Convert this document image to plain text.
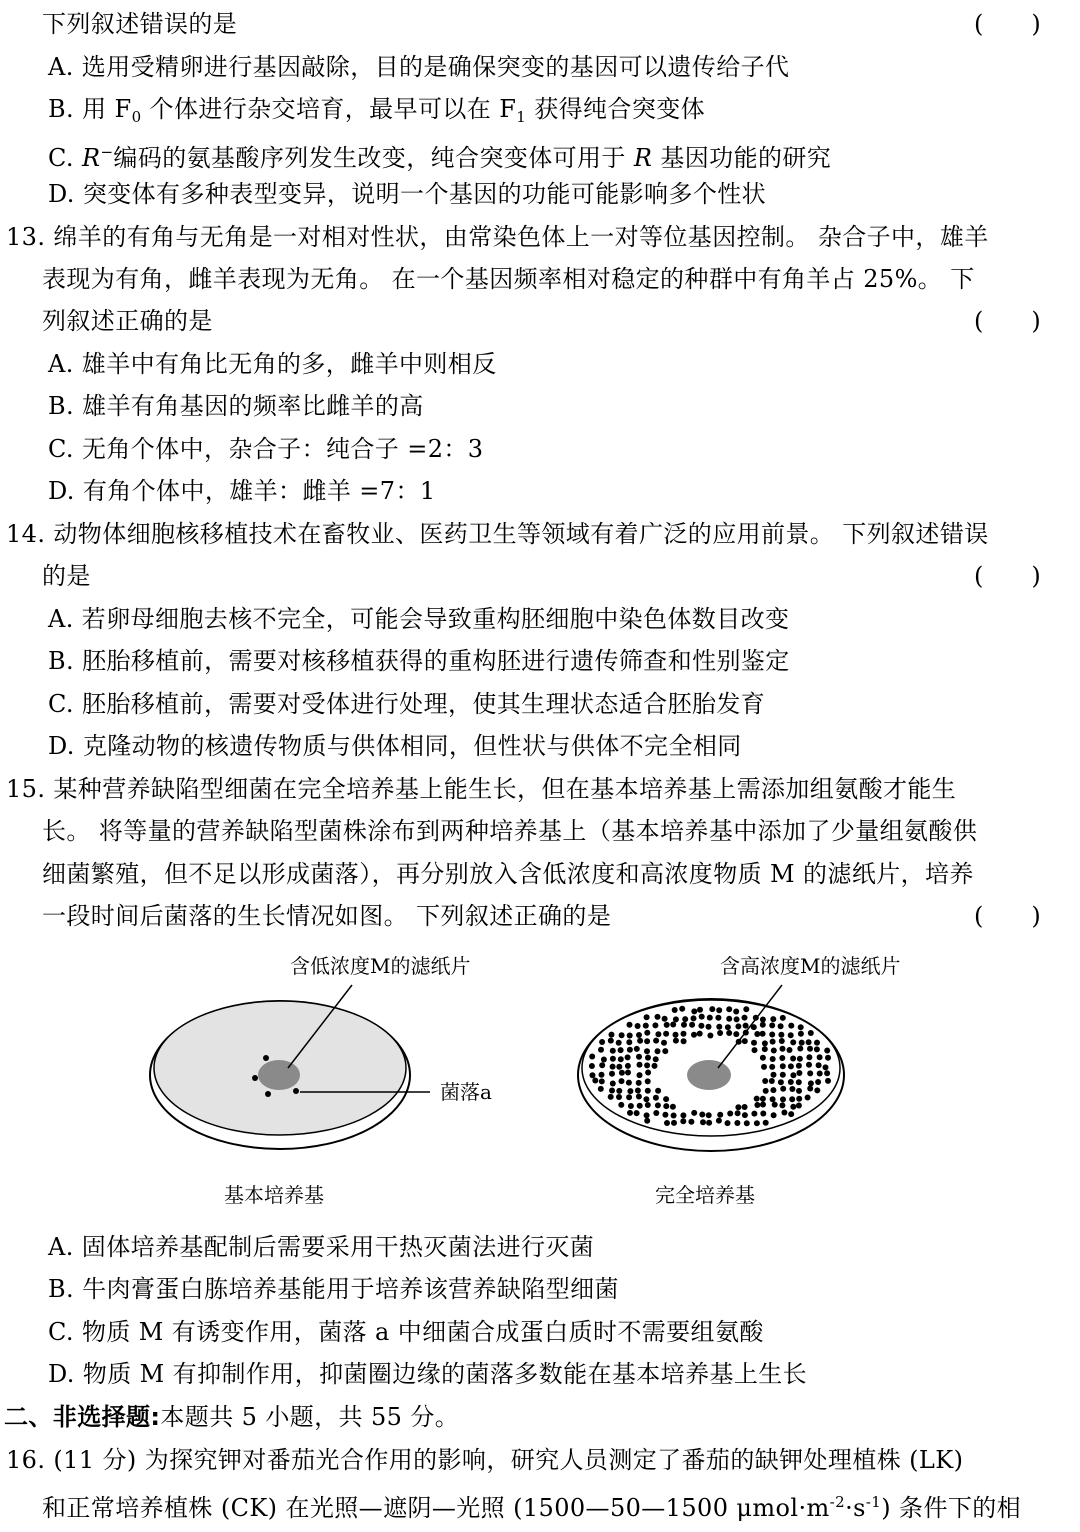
下列叙述错误的是	(　　)
A. 选用受精卵进行基因敲除，目的是确保突变的基因可以遗传给子代
B. 用 $F_0$ 个体进行杂交培育，最早可以在 $F_1$ 获得纯合突变体
C. R−编码的氨基酸序列发生改变，纯合突变体可用于 R 基因功能的研究
D. 突变体有多种表型变异，说明一个基因的功能可能影响多个性状
13. 绵羊的有角与无角是一对相对性状，由常染色体上一对等位基因控制。 杂合子中，雄羊
表现为有角，雌羊表现为无角。 在一个基因频率相对稳定的种群中有角羊占 25%。 下
列叙述正确的是	(　　)
A. 雄羊中有角比无角的多，雌羊中则相反
B. 雄羊有角基因的频率比雌羊的高
C. 无角个体中，杂合子：纯合子 =2：3
D. 有角个体中，雄羊：雌羊 =7：1
14. 动物体细胞核移植技术在畜牧业、医药卫生等领域有着广泛的应用前景。 下列叙述错误
的是	(　　)
A. 若卵母细胞去核不完全，可能会导致重构胚细胞中染色体数目改变
B. 胚胎移植前，需要对核移植获得的重构胚进行遗传筛查和性别鉴定
C. 胚胎移植前，需要对受体进行处理，使其生理状态适合胚胎发育
D. 克隆动物的核遗传物质与供体相同，但性状与供体不完全相同
15. 某种营养缺陷型细菌在完全培养基上能生长，但在基本培养基上需添加组氨酸才能生
长。 将等量的营养缺陷型菌株涂布到两种培养基上（基本培养基中添加了少量组氨酸供
细菌繁殖，但不足以形成菌落），再分别放入含低浓度和高浓度物质 M 的滤纸片，培养
一段时间后菌落的生长情况如图。 下列叙述正确的是	(　　)
含低浓度M的滤纸片	含高浓度M的滤纸片
菌落a
基本培养基	完全培养基
A. 固体培养基配制后需要采用干热灭菌法进行灭菌
B. 牛肉膏蛋白胨培养基能用于培养该营养缺陷型细菌
C. 物质 M 有诱变作用，菌落 a 中细菌合成蛋白质时不需要组氨酸
D. 物质 M 有抑制作用，抑菌圈边缘的菌落多数能在基本培养基上生长
二、非选择题:本题共 5 小题，共 55 分。
16. (11 分) 为探究钾对番茄光合作用的影响，研究人员测定了番茄的缺钾处理植株 (LK)
和正常培养植株 (CK) 在光照—遮阴—光照 (1500—50—1500 $\mu mol\cdot m^{-2}\cdot s^{-1}$) 条件下的相
